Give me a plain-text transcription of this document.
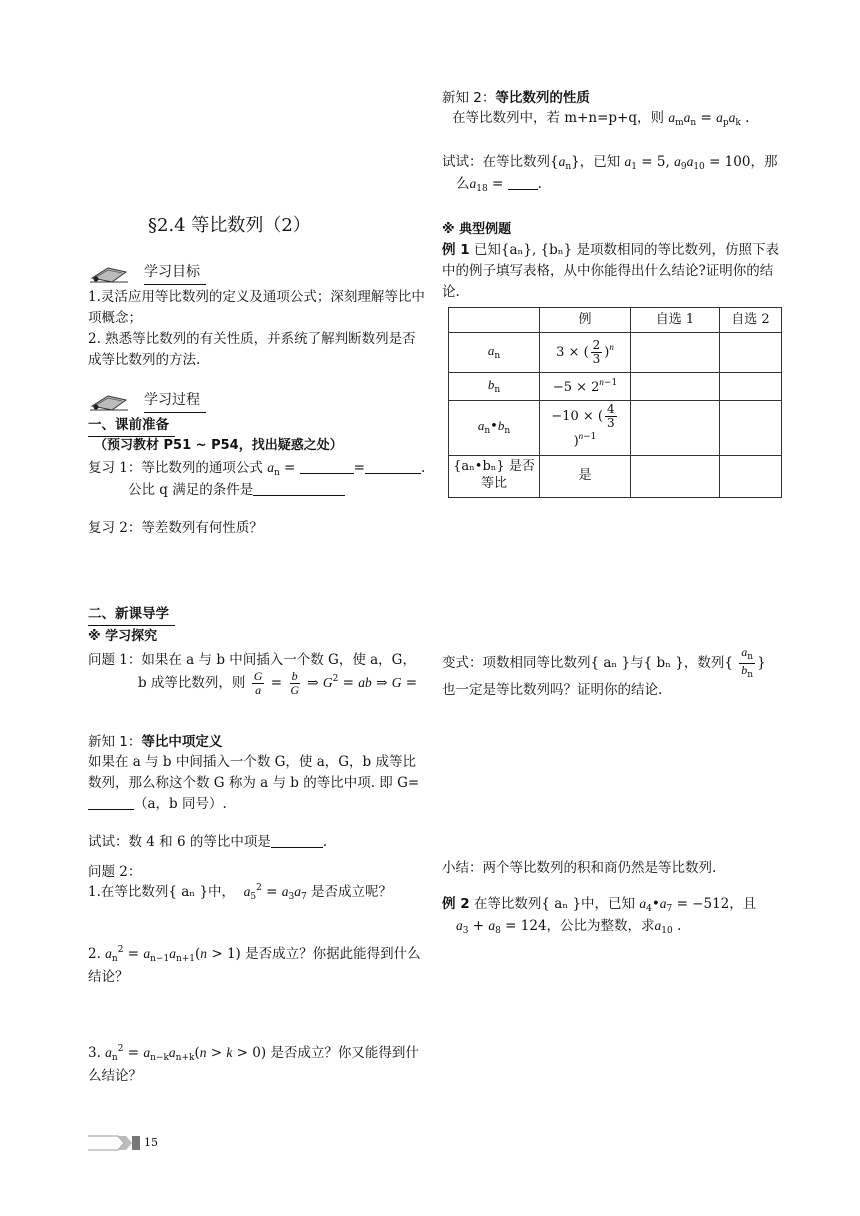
§2.4 等比数列（2）
学习目标
1.灵活应用等比数列的定义及通项公式；深刻理解等比中项概念；
2. 熟悉等比数列的有关性质，并系统了解判断数列是否成等比数列的方法.
学习过程
一、课前准备
（预习教材 P51 ~ P54，找出疑惑之处）
复习 1：等比数列的通项公式 $a_n$ =	=	.
公比 q 满足的条件是
复习 2：等差数列有何性质？
二、新课导学
※ 学习探究
问题 1：如果在 a 与 b 中间插入一个数 G，使 a，G，
b 成等比数列，则 $\frac{G}{a} = \frac{b}{G}$ ⇒ $G^2$ = ab ⇒ G =
新知 1：等比中项定义
如果在 a 与 b 中间插入一个数 G，使 a，G，b 成等比数列，那么称这个数 G 称为 a 与 b 的等比中项. 即 G=（a，b 同号）.
试试：数 4 和 6 的等比中项是	.
问题 2：
1.在等比数列{ aₙ }中， $a_5^2 = a_3a_7$ 是否成立呢？
2. $a_n^2 = a_{n-1}a_{n+1}(n > 1)$ 是否成立？你据此能得到什么结论？
3. $a_n^2 = a_{n-k}a_{n+k}(n > k > 0)$ 是否成立？你又能得到什么结论？
15
新知 2：等比数列的性质
在等比数列中，若 m+n=p+q，则 $a_ma_n = a_pa_k$ .
试试：在等比数列$\{a_n\}$，已知 $a_1 = 5$, $a_9a_{10} = 100$，那
么$a_{18}$ = .
※ 典型例题
例 1 已知{aₙ}, {bₙ} 是项数相同的等比数列，仿照下表中的例子填写表格，从中你能得出什么结论?证明你的结论.
	例	自选 1	自选 2
$a_n$	3 × ( $\frac{2}{3} )^n$		
$b_n$	$-5 \times 2^{n-1}$		
$a_n•b_n$	−10 × ( $\frac{4}{3}$
)$^{n-1}$		
{aₙ•bₙ} 是否等比	是		
变式：项数相同等比数列{ aₙ }与{ bₙ }，数列{ $\frac{a_n}{b_n}$ }
也一定是等比数列吗？证明你的结论.
小结：两个等比数列的积和商仍然是等比数列.
例 2 在等比数列{ aₙ }中，已知 $a_4•a_7 = -512$，且
$a_3 + a_8 = 124$，公比为整数，求$a_{10}$ .
